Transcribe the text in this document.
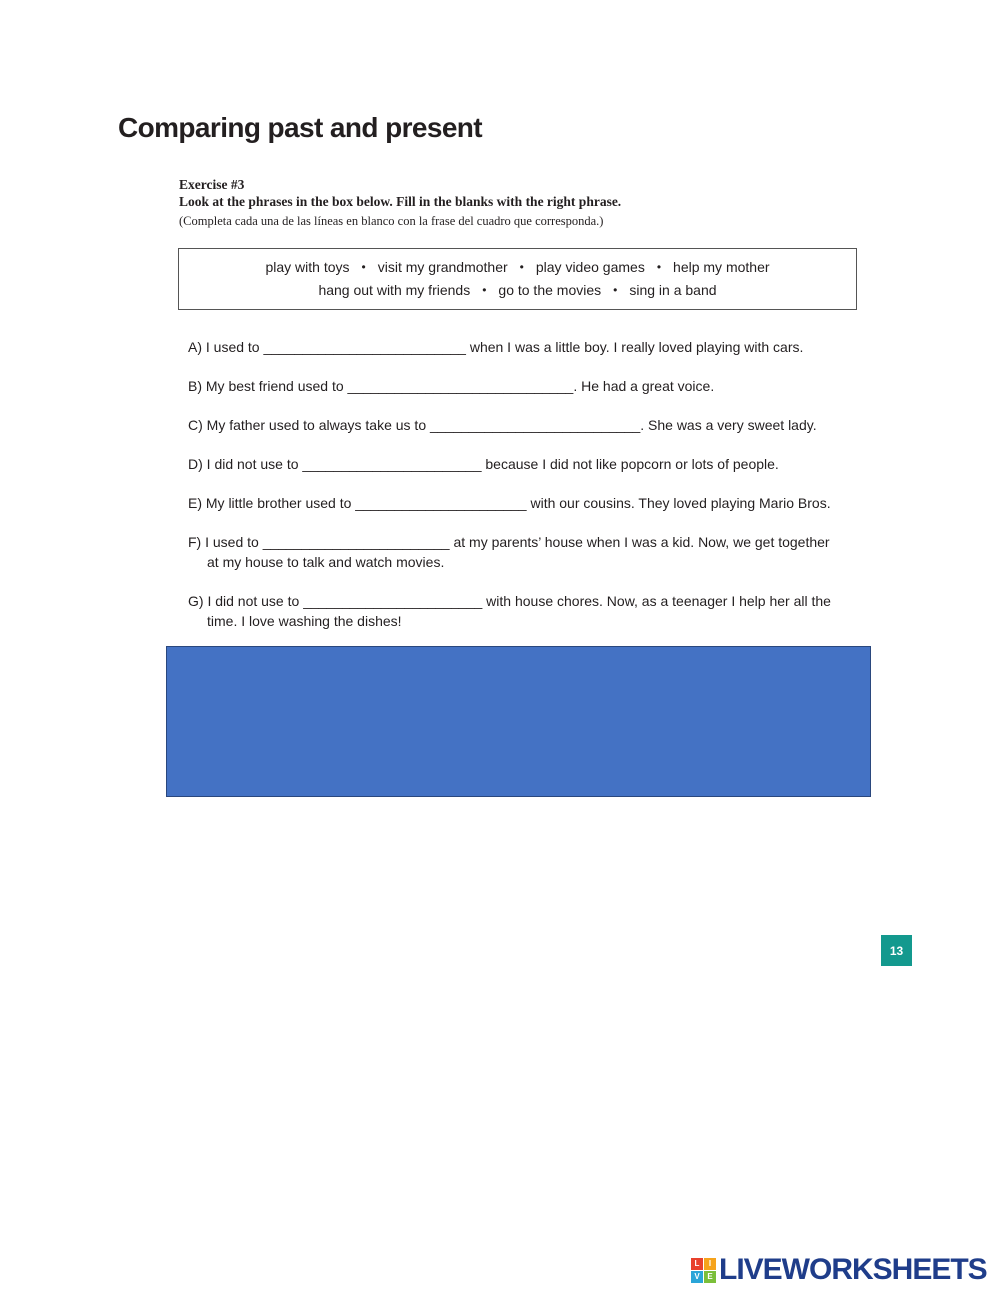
Comparing past and present
Exercise #3
Look at the phrases in the box below. Fill in the blanks with the right phrase.
(Completa cada una de las líneas en blanco con la frase del cuadro que corresponda.)
play with toys • visit my grandmother • play video games • help my mother
hang out with my friends • go to the movies • sing in a band
A) I used to __________________________ when I was a little boy. I really loved playing with cars.
B) My best friend used to _____________________________. He had a great voice.
C) My father used to always take us to ___________________________. She was a very sweet lady.
D) I did not use to _______________________ because I did not like popcorn or lots of people.
E) My little brother used to ______________________ with our cousins. They loved playing Mario Bros.
F) I used to ________________________ at my parents’ house when I was a kid. Now, we get together
at my house to talk and watch movies.
G) I did not use to _______________________ with house chores. Now, as a teenager I help her all the
time. I love washing the dishes!
13
L	I
V E LIVEWORKSHEETS
